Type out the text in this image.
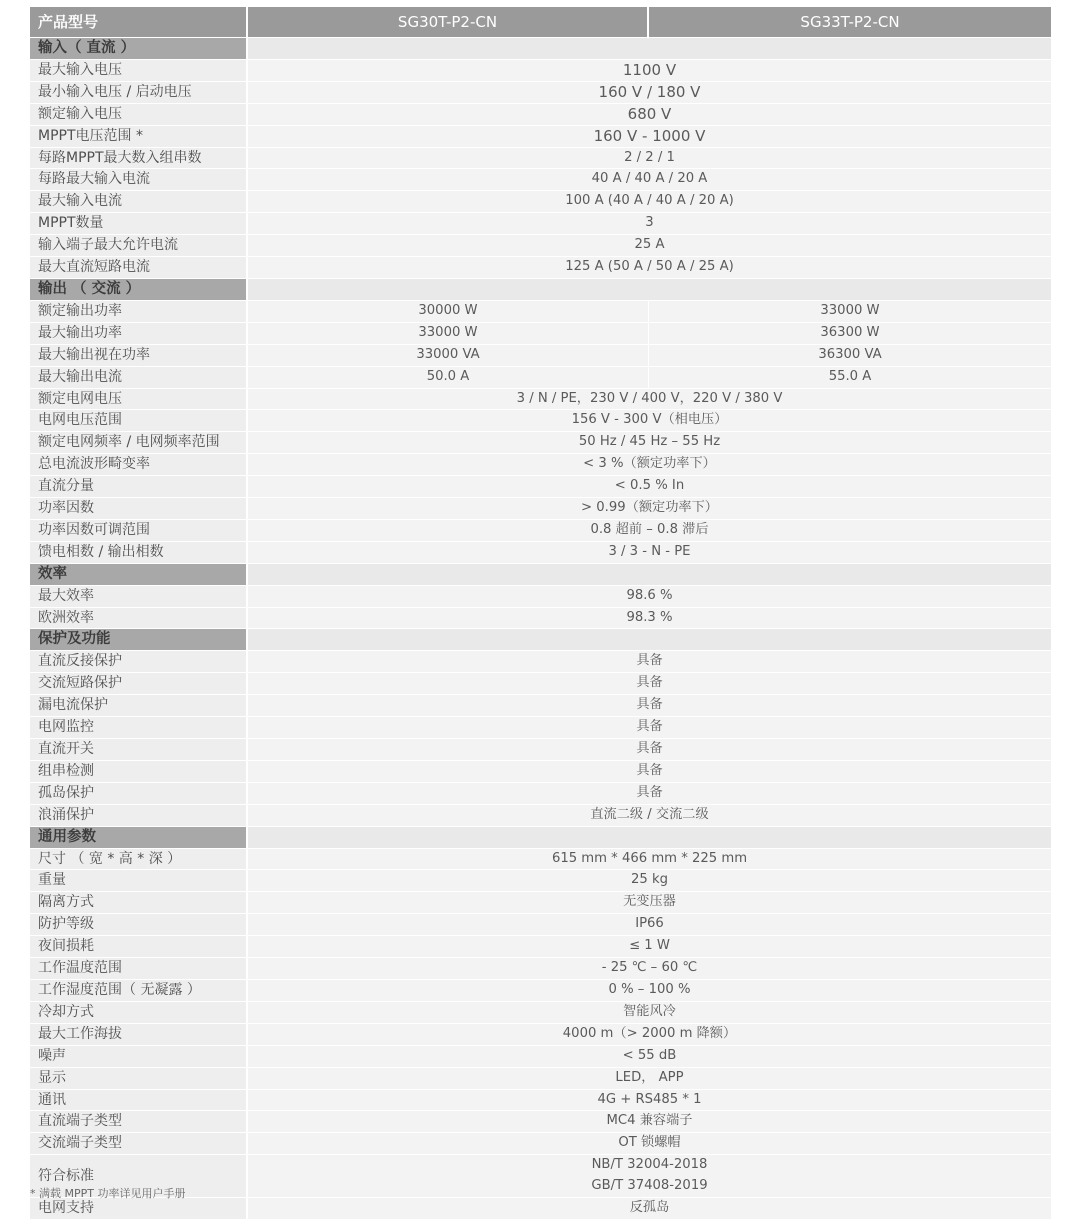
产品型号	SG30T-P2-CN	SG33T-P2-CN
输入（ 直流 ）		
最大输入电压	1100 V	
最小输入电压 / 启动电压	160 V / 180 V	
额定输入电压	680 V	
MPPT电压范围 *	160 V - 1000 V	
每路MPPT最大数入组串数	2 / 2 / 1	
每路最大输入电流	40 A / 40 A / 20 A	
最大输入电流	100 A (40 A / 40 A / 20 A)	
MPPT数量	3	
输入端子最大允许电流	25 A	
最大直流短路电流	125 A (50 A / 50 A / 25 A)	
输出 （ 交流 ）		
额定输出功率	30000 W	33000 W
最大输出功率	33000 W	36300 W
最大输出视在功率	33000 VA	36300 VA
最大输出电流	50.0 A	55.0 A
额定电网电压	3 / N / PE，230 V / 400 V，220 V / 380 V	
电网电压范围	156 V - 300 V（相电压）	
额定电网频率 / 电网频率范围	50 Hz / 45 Hz – 55 Hz	
总电流波形畸变率	< 3 %（额定功率下）	
直流分量	< 0.5 % In	
功率因数	> 0.99（额定功率下）	
功率因数可调范围	0.8 超前 – 0.8 滞后	
馈电相数 / 输出相数	3 / 3 - N - PE	
效率		
最大效率	98.6 %	
欧洲效率	98.3 %	
保护及功能		
直流反接保护	具备	
交流短路保护	具备	
漏电流保护	具备	
电网监控	具备	
直流开关	具备	
组串检测	具备	
孤岛保护	具备	
浪涌保护	直流二级 / 交流二级	
通用参数		
尺寸 （ 宽 * 高 * 深 ）	615 mm * 466 mm * 225 mm	
重量	25 kg	
隔离方式	无变压器	
防护等级	IP66	
夜间损耗	≤ 1 W	
工作温度范围	- 25 ℃ – 60 ℃	
工作湿度范围（ 无凝露 ）	0 % – 100 %	
冷却方式	智能风冷	
最大工作海拔	4000 m（> 2000 m 降额）	
噪声	< 55 dB	
显示	LED， APP	
通讯	4G + RS485 * 1	
直流端子类型	MC4 兼容端子	
交流端子类型	OT 锁螺帽	
符合标准	NB/T 32004-2018
GB/T 37408-2019	

电网支持	反孤岛	
* 满载 MPPT 功率详见用户手册
